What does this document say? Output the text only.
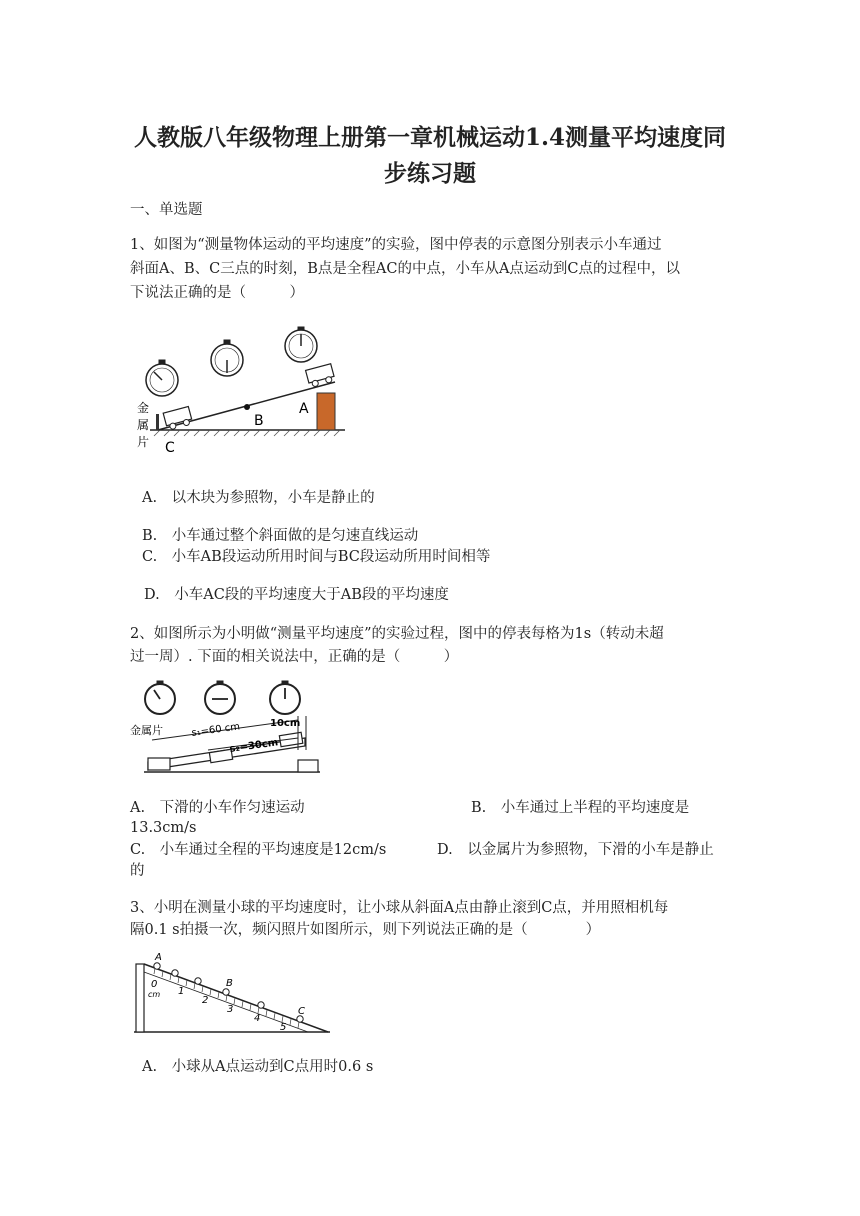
人教版八年级物理上册第一章机械运动1.4测量平均速度同
步练习题
一、单选题
1、如图为“测量物体运动的平均速度”的实验，图中停表的示意图分别表示小车通过
斜面A、B、C三点的时刻，B点是全程AC的中点，小车从A点运动到C点的过程中，以
下说法正确的是（　　　）
金
属
片 C
B
A
A.　以木块为参照物，小车是静止的
B.　小车通过整个斜面做的是匀速直线运动
C.　小车AB段运动所用时间与BC段运动所用时间相等
D.　小车AC段的平均速度大于AB段的平均速度
2、如图所示为小明做“测量平均速度”的实验过程，图中的停表每格为1s（转动未超
过一周）. 下面的相关说法中，正确的是（　　　）
金属片	s₁=60 cm
s₂=30cm
10cm
A.　下滑的小车作匀速运动	B.　小车通过上半程的平均速度是
13.3cm/s
C.　小车通过全程的平均速度是12cm/s	D.　以金属片为参照物，下滑的小车是静止
的
3、小明在测量小球的平均速度时，让小球从斜面A点由静止滚到C点，并用照相机每
隔0.1 s拍摄一次，频闪照片如图所示，则下列说法正确的是（　　　　）
A
B
C
0
cm 1
2
3
4
5
A.　小球从A点运动到C点用时0.6 s
